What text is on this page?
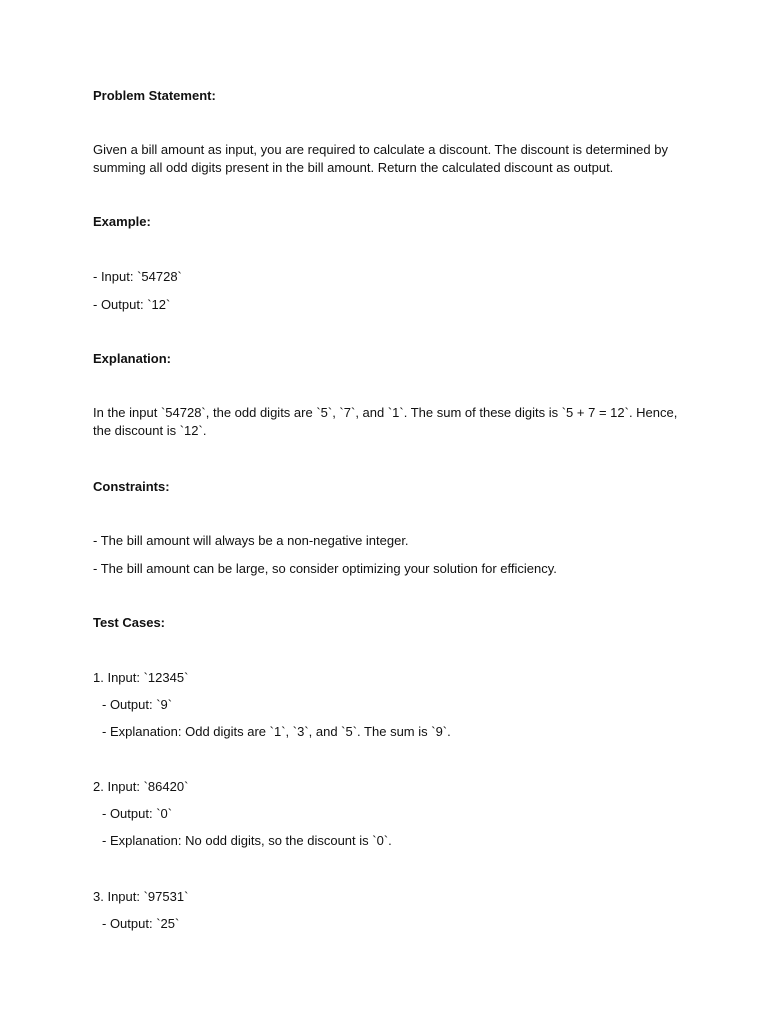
Problem Statement:
Given a bill amount as input, you are required to calculate a discount. The discount is determined by summing all odd digits present in the bill amount. Return the calculated discount as output.
Example:
- Input: `54728`
- Output: `12`
Explanation:
In the input `54728`, the odd digits are `5`, `7`, and `1`. The sum of these digits is `5 + 7 = 12`. Hence, the discount is `12`.
Constraints:
- The bill amount will always be a non-negative integer.
- The bill amount can be large, so consider optimizing your solution for efficiency.
Test Cases:
1. Input: `12345`
- Output: `9`
- Explanation: Odd digits are `1`, `3`, and `5`. The sum is `9`.
2. Input: `86420`
- Output: `0`
- Explanation: No odd digits, so the discount is `0`.
3. Input: `97531`
- Output: `25`
